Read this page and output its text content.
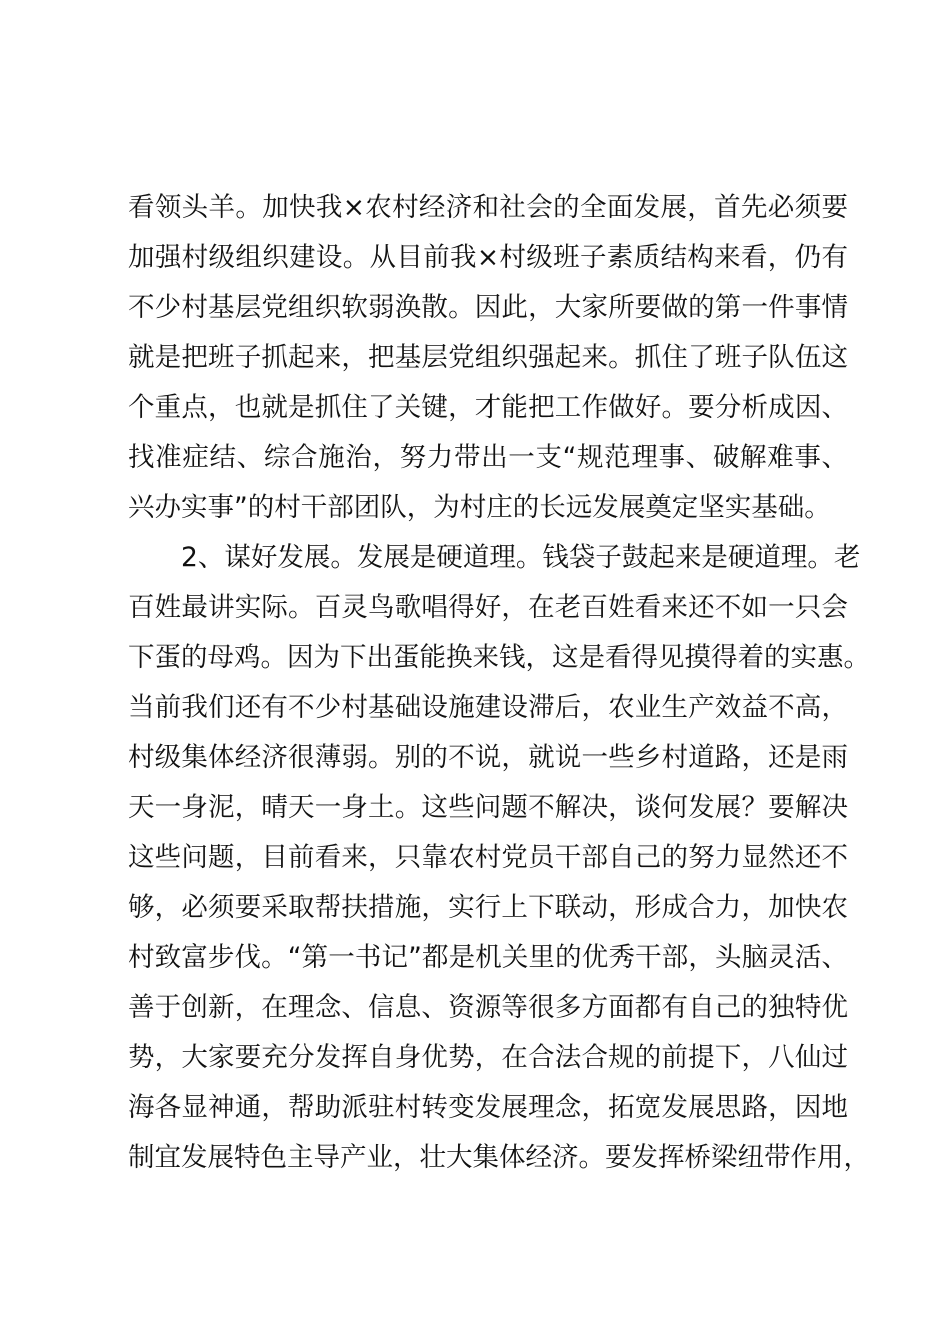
看领头羊。加快我×农村经济和社会的全面发展，首先必须要
加强村级组织建设。从目前我×村级班子素质结构来看，仍有
不少村基层党组织软弱涣散。因此，大家所要做的第一件事情
就是把班子抓起来，把基层党组织强起来。抓住了班子队伍这
个重点，也就是抓住了关键，才能把工作做好。要分析成因、
找准症结、综合施治，努力带出一支“规范理事、破解难事、
兴办实事”的村干部团队，为村庄的长远发展奠定坚实基础。
　　2、谋好发展。发展是硬道理。钱袋子鼓起来是硬道理。老
百姓最讲实际。百灵鸟歌唱得好，在老百姓看来还不如一只会
下蛋的母鸡。因为下出蛋能换来钱，这是看得见摸得着的实惠。
当前我们还有不少村基础设施建设滞后，农业生产效益不高，
村级集体经济很薄弱。别的不说，就说一些乡村道路，还是雨
天一身泥，晴天一身土。这些问题不解决，谈何发展？要解决
这些问题，目前看来，只靠农村党员干部自己的努力显然还不
够，必须要采取帮扶措施，实行上下联动，形成合力，加快农
村致富步伐。“第一书记”都是机关里的优秀干部，头脑灵活、
善于创新，在理念、信息、资源等很多方面都有自己的独特优
势，大家要充分发挥自身优势，在合法合规的前提下，八仙过
海各显神通，帮助派驻村转变发展理念，拓宽发展思路，因地
制宜发展特色主导产业，壮大集体经济。要发挥桥梁纽带作用，
